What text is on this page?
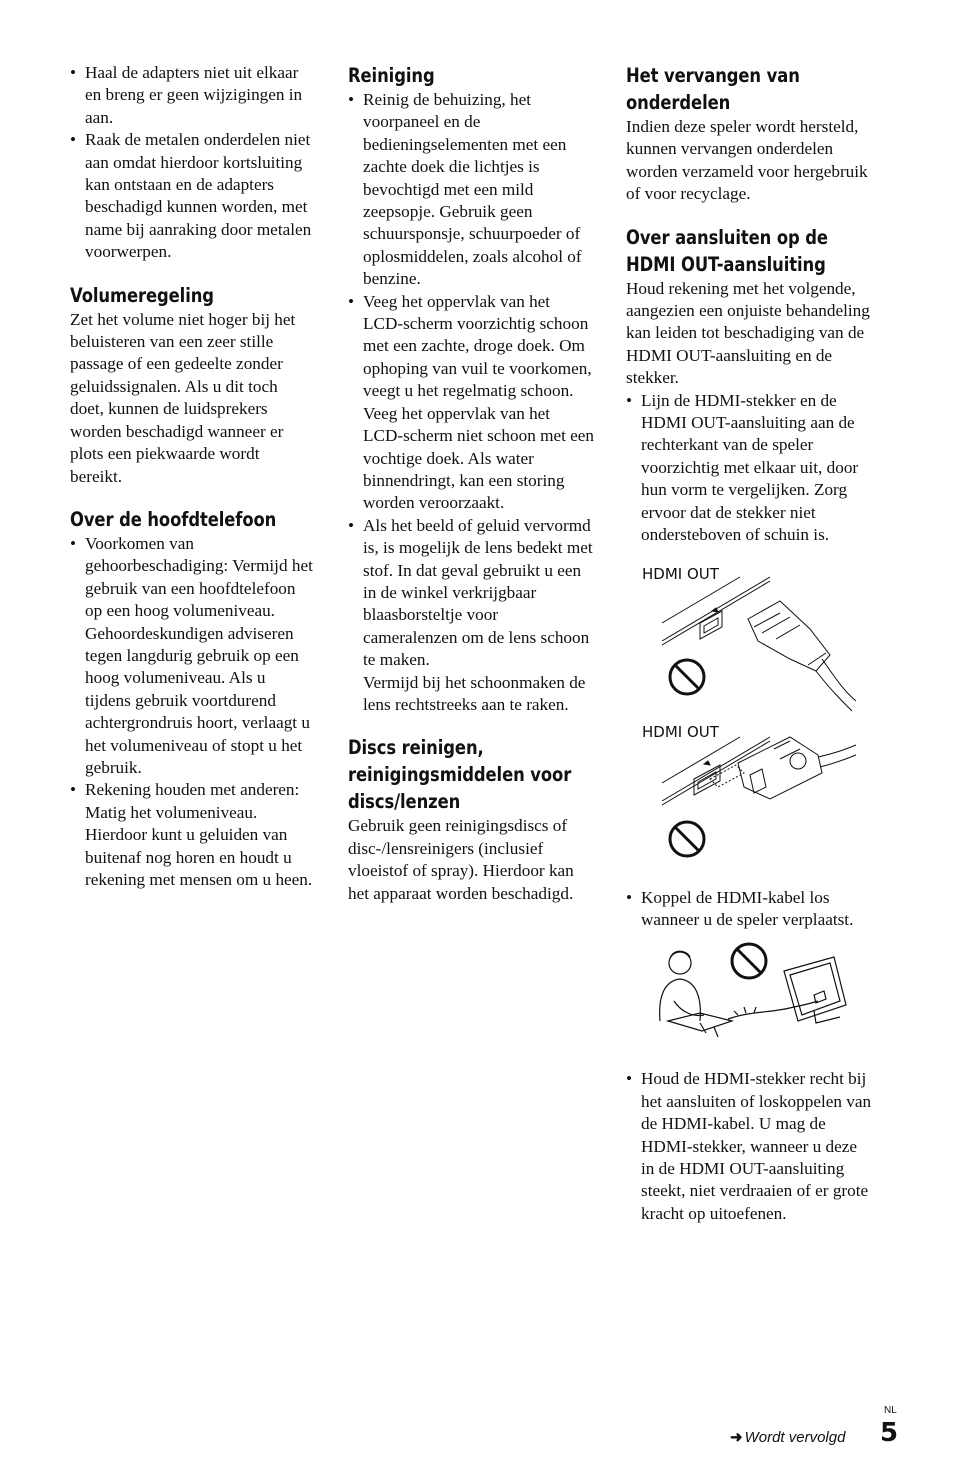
• Haal de adapters niet uit elkaar en breng er geen wijzigingen in aan.
• Raak de metalen onderdelen niet aan omdat hierdoor kortsluiting kan ontstaan en de adapters beschadigd kunnen worden, met name bij aanraking door metalen voorwerpen.
Volumeregeling

Zet het volume niet hoger bij het beluisteren van een zeer stille passage of een gedeelte zonder geluidssignalen. Als u dit toch doet, kunnen de luidsprekers worden beschadigd wanneer er plots een piekwaarde wordt bereikt.

Over de hoofdtelefoon
• Voorkomen van gehoorbeschadiging: Vermijd het gebruik van een hoofdtelefoon op een hoog volumeniveau. Gehoordeskundigen adviseren tegen langdurig gebruik op een hoog volumeniveau. Als u tijdens gebruik voortdurend achtergrondruis hoort, verlaagt u het volumeniveau of stopt u het gebruik.
• Rekening houden met anderen: Matig het volumeniveau. Hierdoor kunt u geluiden van buitenaf nog horen en houdt u rekening met mensen om u heen.
Reiniging
• Reinig de behuizing, het voorpaneel en de bedieningselementen met een zachte doek die lichtjes is bevochtigd met een mild zeepsopje. Gebruik geen schuursponsje, schuurpoeder of oplosmiddelen, zoals alcohol of benzine.
• Veeg het oppervlak van het LCD-scherm voorzichtig schoon met een zachte, droge doek. Om ophoping van vuil te voorkomen, veegt u het regelmatig schoon.
Veeg het oppervlak van het LCD-scherm niet schoon met een vochtige doek. Als water binnendringt, kan een storing worden veroorzaakt.
• Als het beeld of geluid vervormd is, is mogelijk de lens bedekt met stof. In dat geval gebruikt u een in de winkel verkrijgbaar blaasborsteltje voor cameralenzen om de lens schoon te maken.
Vermijd bij het schoonmaken de lens rechtstreeks aan te raken.
Discs reinigen, reinigingsmiddelen voor discs/lenzen

Gebruik geen reinigingsdiscs of disc-/lensreinigers (inclusief vloeistof of spray). Hierdoor kan het apparaat worden beschadigd.

Het vervangen van onderdelen

Indien deze speler wordt hersteld, kunnen vervangen onderdelen worden verzameld voor hergebruik of voor recyclage.

Over aansluiten op de HDMI OUT-aansluiting

Houd rekening met het volgende, aangezien een onjuiste behandeling kan leiden tot beschadiging van de HDMI OUT-aansluiting en de stekker.

• Lijn de HDMI-stekker en de HDMI OUT-aansluiting aan de rechterkant van de speler voorzichtig met elkaar uit, door hun vorm te vergelijken. Zorg ervoor dat de stekker niet ondersteboven of schuin is.
HDMI OUT
HDMI OUT
• Koppel de HDMI-kabel los wanneer u de speler verplaatst.
• Houd de HDMI-stekker recht bij het aansluiten of loskoppelen van de HDMI-kabel. U mag de HDMI-stekker, wanneer u deze in de HDMI OUT-aansluiting steekt, niet verdraaien of er grote kracht op uitoefenen.
NL
➜ Wordt vervolgd 5
